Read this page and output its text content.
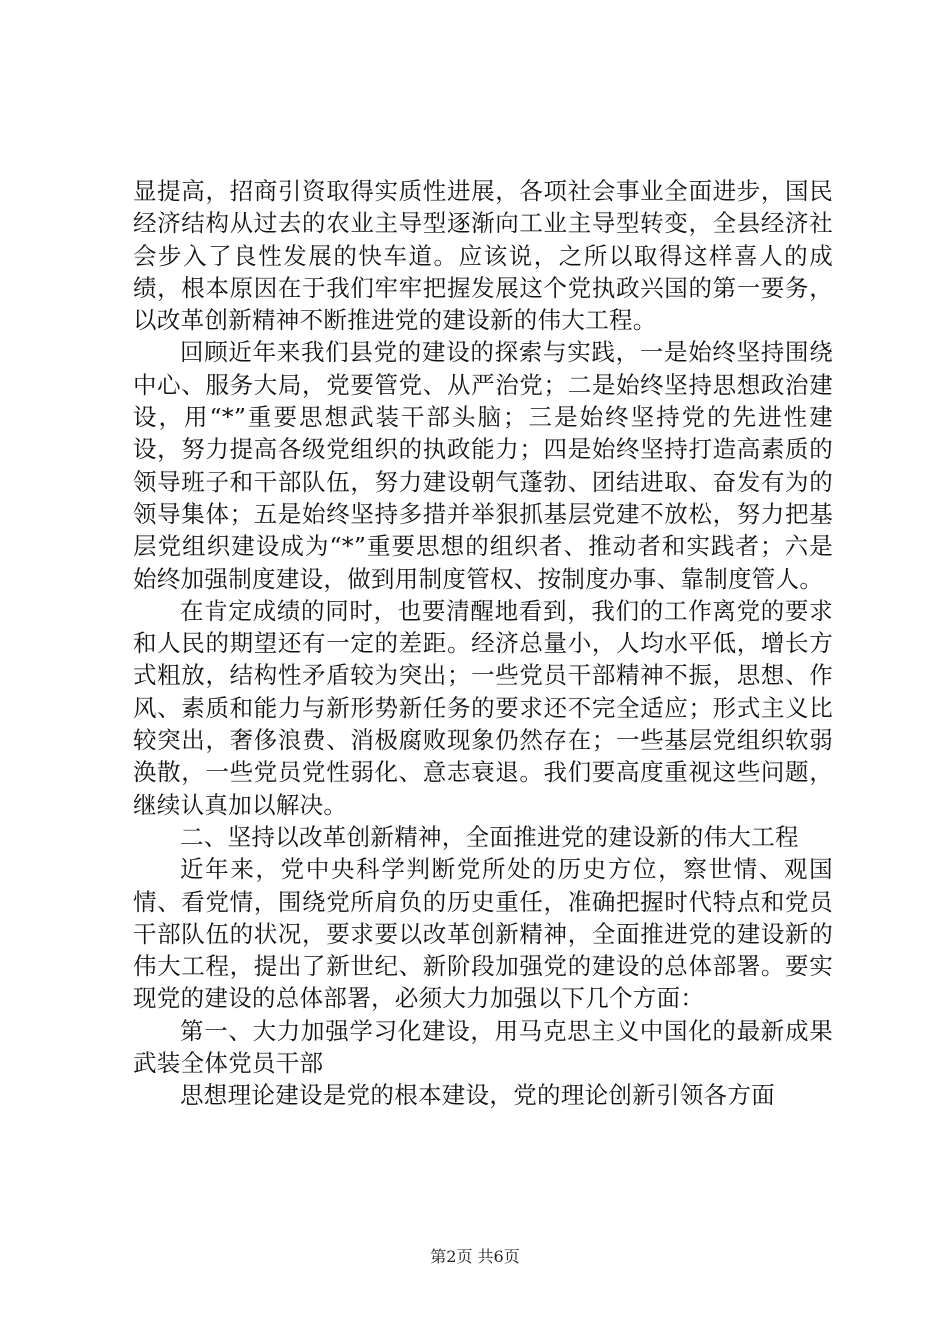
显提高，招商引资取得实质性进展，各项社会事业全面进步，国民经济结构从过去的农业主导型逐渐向工业主导型转变，全县经济社会步入了良性发展的快车道。应该说，之所以取得这样喜人的成绩，根本原因在于我们牢牢把握发展这个党执政兴国的第一要务，以改革创新精神不断推进党的建设新的伟大工程。

回顾近年来我们县党的建设的探索与实践，一是始终坚持围绕中心、服务大局，党要管党、从严治党；二是始终坚持思想政治建设，用“*”重要思想武装干部头脑；三是始终坚持党的先进性建设，努力提高各级党组织的执政能力；四是始终坚持打造高素质的领导班子和干部队伍，努力建设朝气蓬勃、团结进取、奋发有为的领导集体；五是始终坚持多措并举狠抓基层党建不放松，努力把基层党组织建设成为“*”重要思想的组织者、推动者和实践者；六是始终加强制度建设，做到用制度管权、按制度办事、靠制度管人。

在肯定成绩的同时，也要清醒地看到，我们的工作离党的要求和人民的期望还有一定的差距。经济总量小，人均水平低，增长方式粗放，结构性矛盾较为突出；一些党员干部精神不振，思想、作风、素质和能力与新形势新任务的要求还不完全适应；形式主义比较突出，奢侈浪费、消极腐败现象仍然存在；一些基层党组织软弱涣散，一些党员党性弱化、意志衰退。我们要高度重视这些问题，继续认真加以解决。

二、坚持以改革创新精神，全面推进党的建设新的伟大工程

近年来，党中央科学判断党所处的历史方位，察世情、观国情、看党情，围绕党所肩负的历史重任，准确把握时代特点和党员干部队伍的状况，要求要以改革创新精神，全面推进党的建设新的伟大工程，提出了新世纪、新阶段加强党的建设的总体部署。要实现党的建设的总体部署，必须大力加强以下几个方面：

第一、大力加强学习化建设，用马克思主义中国化的最新成果武装全体党员干部

思想理论建设是党的根本建设，党的理论创新引领各方面

第2页 共6页
